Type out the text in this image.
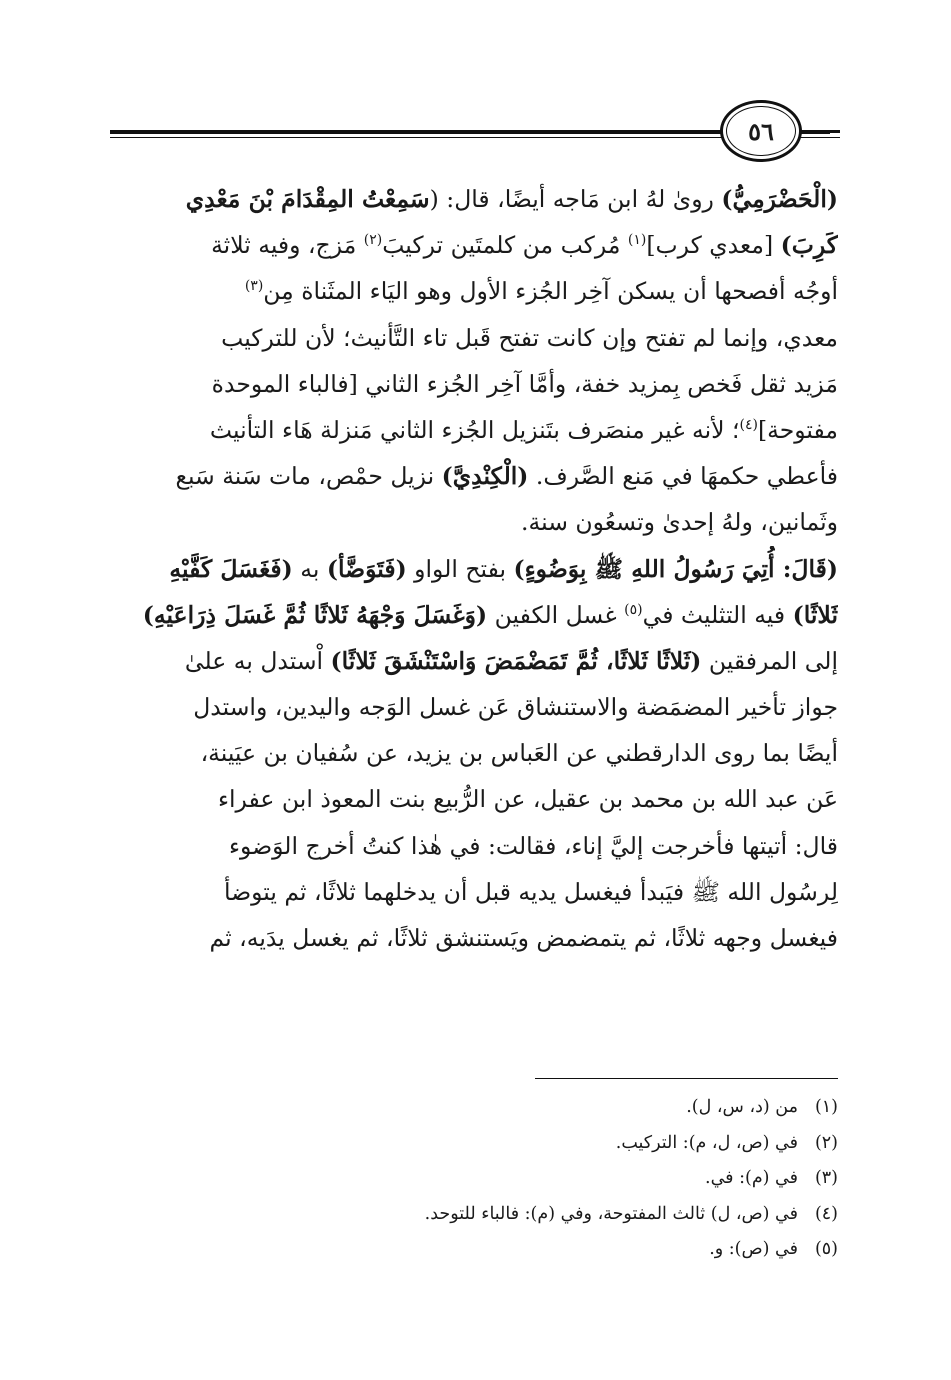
٥٦
(الْحَضْرَمِيُّ) روىٰ لهُ ابن مَاجه أيضًا، قال: (سَمِعْتُ المِقْدَامَ بْنَ مَعْدِي
كَرِبَ) [معدي كرب]$^{(١)}$ مُركب من كلمتَين تركيبَ$^{(٢)}$ مَزج، وفيه ثلاثة
أوجُه أفصحها أن يسكن آخِر الجُزء الأول وهو اليَاء المثَناة مِن$^{(٣)}$
معدي، وإنما لم تفتح وإن كانت تفتح قَبل تاء التَّأنيث؛ لأن للتركيب
مَزيد ثقل فَخص بِمزيد خفة، وأمَّا آخِر الجُزء الثاني [فالباء الموحدة
مفتوحة]$^{(٤)}$؛ لأنه غير منصَرف بتَنزيل الجُزء الثاني مَنزلة هَاء التأنيث
فأعطي حكمهَا في مَنع الصَّرف. (الْكِنْدِيَّ) نزيل حمْص، مات سَنة سَبع
وثَمانين، ولهُ إحدىٰ وتسعُون سنة.
(قَالَ: أُتِيَ رَسُولُ اللهِ ﷺ بِوَضُوءٍ) بفتح الواو (فَتَوَضَّأ) به (فَغَسَلَ كَفَّيْهِ
ثَلاثًا) فيه التثليث في$^{(٥)}$ غسل الكفين (وَغَسَلَ وَجْهَهُ ثَلاثًا ثُمَّ غَسَلَ ذِرَاعَيْهِ)
إلى المرفقين (ثَلاثًا ثَلاثًا، ثُمَّ تَمَضْمَضَ وَاسْتَنْشَقَ ثَلاثًا) اْستدل به علىٰ
جواز تأخير المضمَضة والاستنشاق عَن غسل الوَجه واليدين، واستدل
أيضًا بما روى الدارقطني عن العَباس بن يزيد، عن سُفيان بن عيَينة،
عَن عبد الله بن محمد بن عقيل، عن الرُّبيع بنت المعوذ ابن عفراء
قال: أتيتها فأخرجت إليَّ إناء، فقالت: في هٰذا كنتُ أخرج الوَضوء
لِرسُول الله ﷺ فيَبدأ فيغسل يديه قبل أن يدخلهما ثلاثًا، ثم يتوضأ
فيغسل وجهه ثلاثًا، ثم يتمضمض ويَستنشق ثلاثًا، ثم يغسل يدَيه، ثم
(١)من (د، س، ل).
(٢)في (ص، ل، م): التركيب.
(٣)في (م): في.
(٤)في (ص، ل) ثالث المفتوحة، وفي (م): فالباء للتوحد.
(٥)في (ص): و.
